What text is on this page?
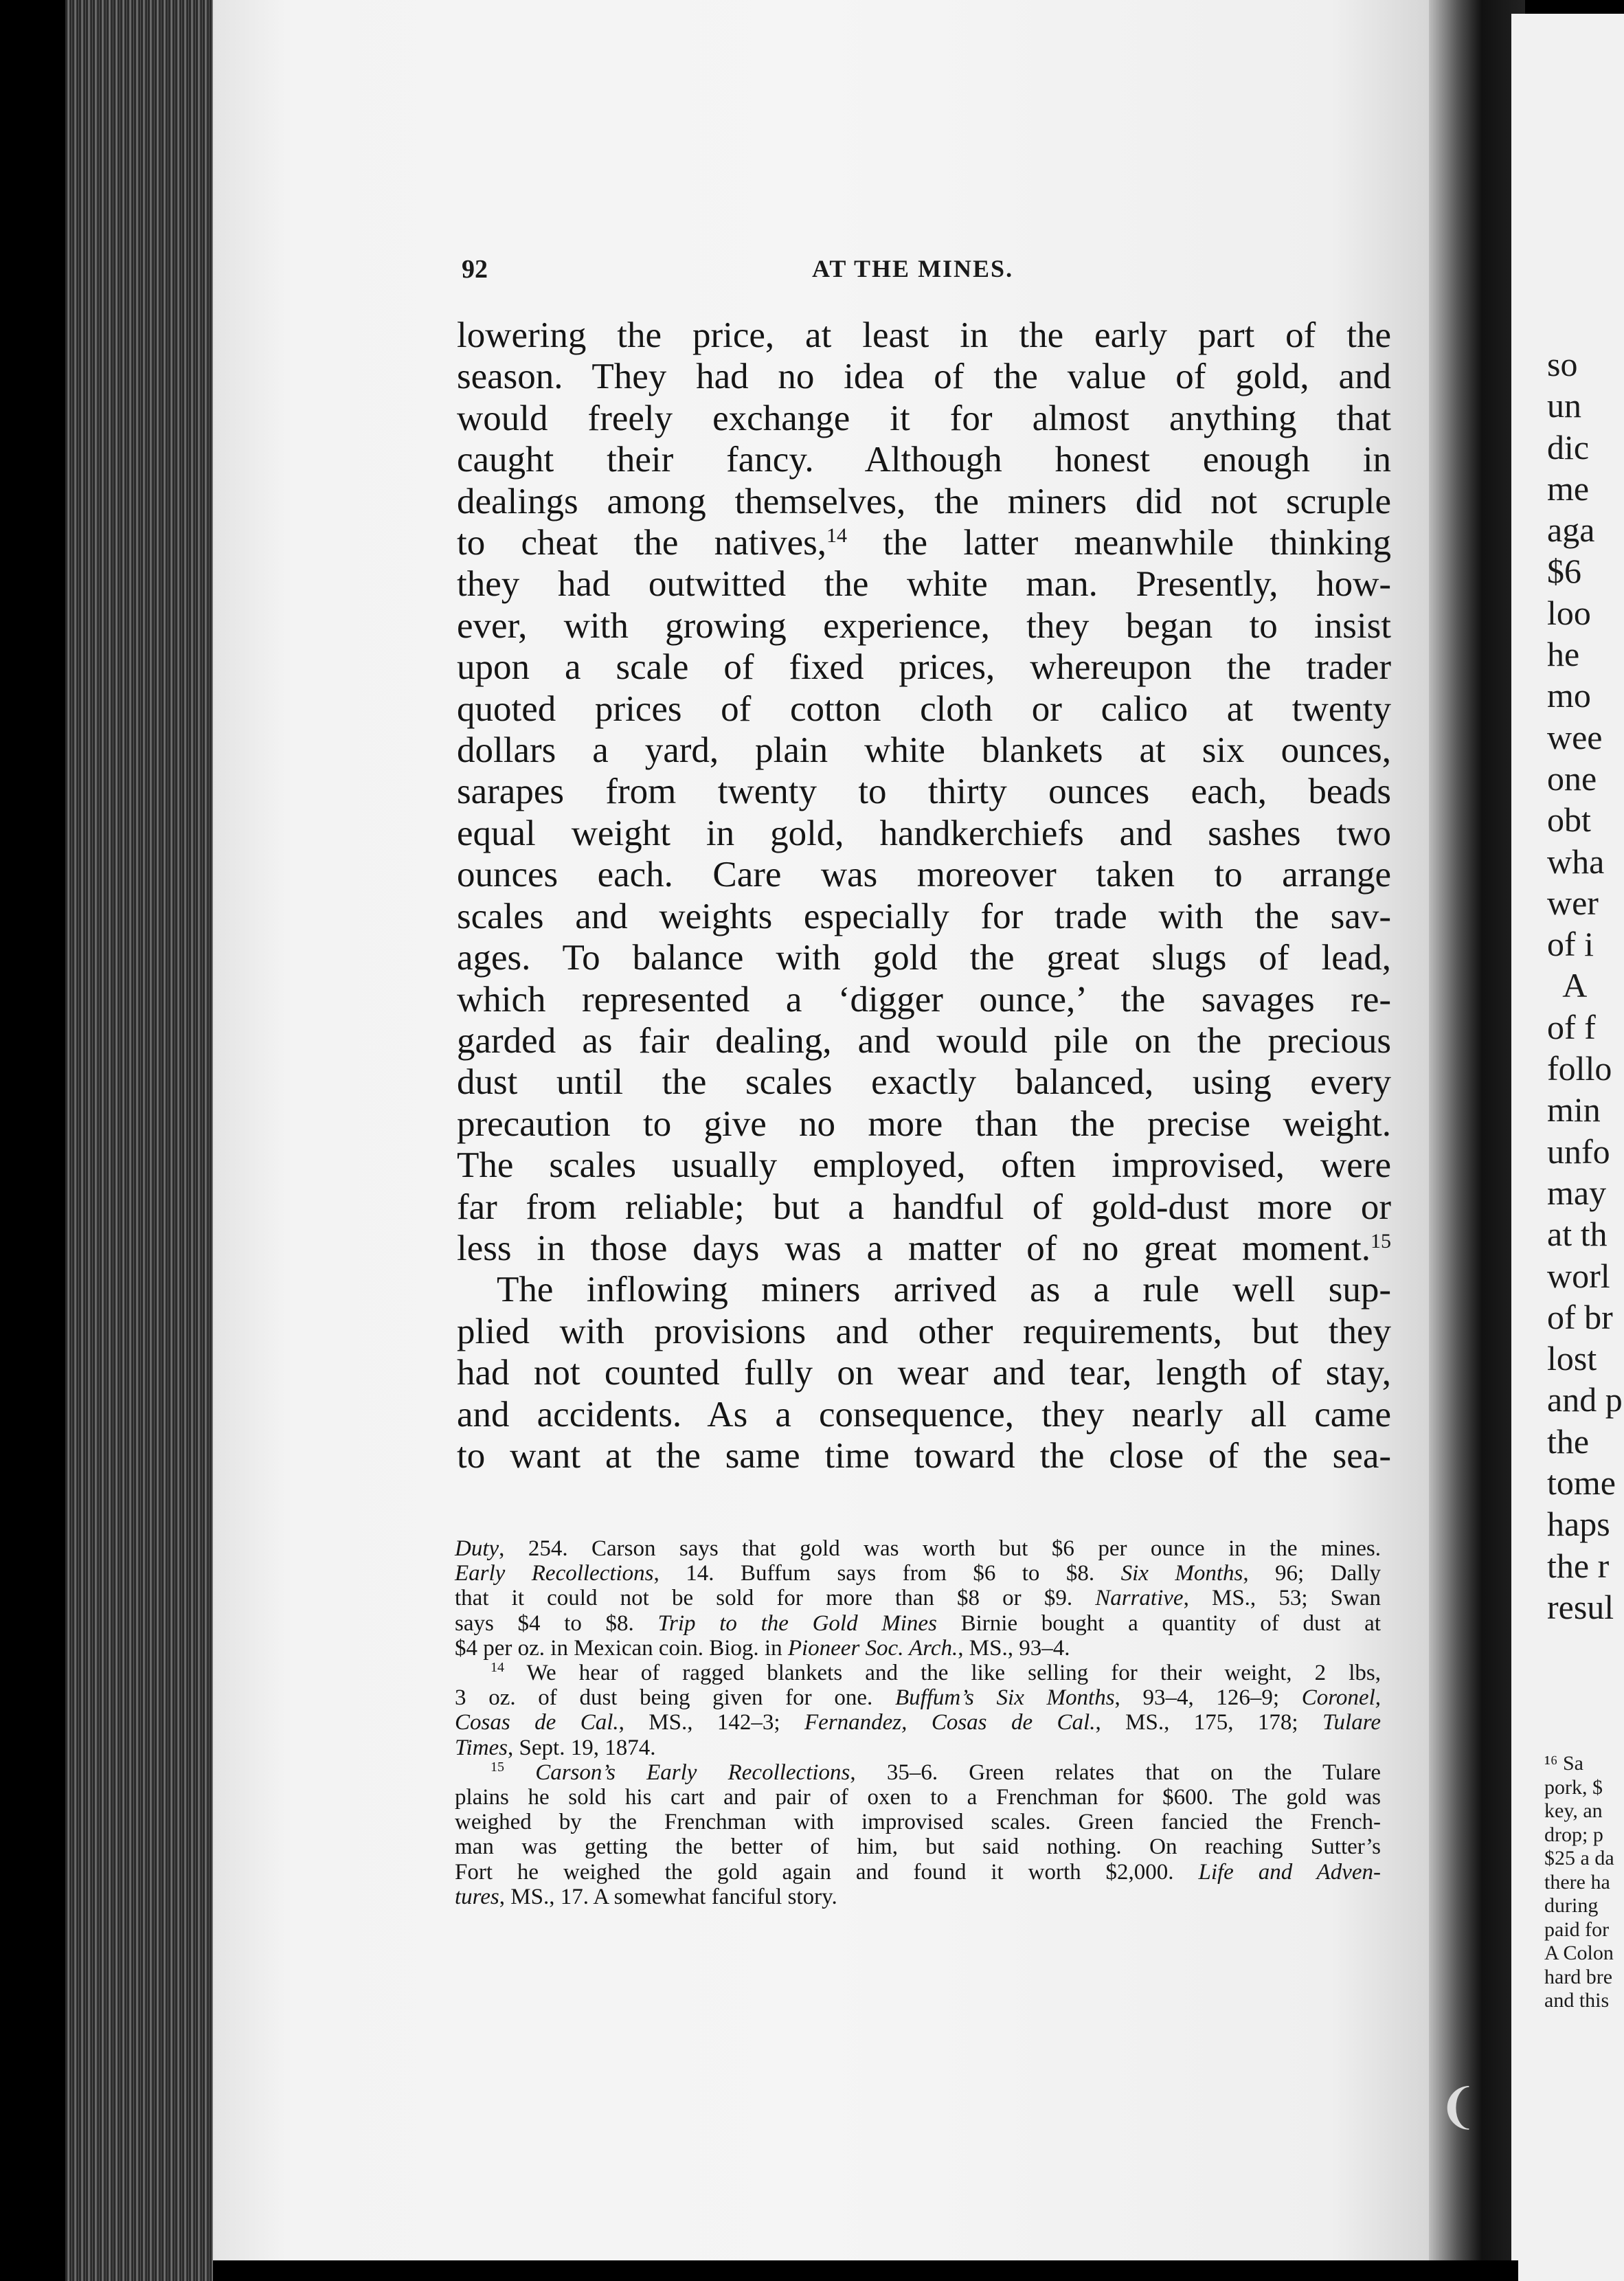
so
un
dic
me
aga
$6
loo
he
mo
wee
one
obt
wha
wer
of i
A
of f
follo
min
unfo
may
at th
worl
of br
lost
and p
the
tome
haps
the r
resul
¹⁶ Sa
pork, $
key, an
drop; p
$25 a da
there ha
during
paid for
A Colon
hard bre
and this
❨
92	AT THE MINES.
lowering the price, at least in the early part of the
season. They had no idea of the value of gold, and
would freely exchange it for almost anything that
caught their fancy. Although honest enough in
dealings among themselves, the miners did not scruple
to cheat the natives,$^{14}$ the latter meanwhile thinking
they had outwitted the white man. Presently, how-
ever, with growing experience, they began to insist
upon a scale of fixed prices, whereupon the trader
quoted prices of cotton cloth or calico at twenty
dollars a yard, plain white blankets at six ounces,
sarapes from twenty to thirty ounces each, beads
equal weight in gold, handkerchiefs and sashes two
ounces each. Care was moreover taken to arrange
scales and weights especially for trade with the sav-
ages. To balance with gold the great slugs of lead,
which represented a ‘digger ounce,’ the savages re-
garded as fair dealing, and would pile on the precious
dust until the scales exactly balanced, using every
precaution to give no more than the precise weight.
The scales usually employed, often improvised, were
far from reliable; but a handful of gold-dust more or
less in those days was a matter of no great moment.$^{15}$
The inflowing miners arrived as a rule well sup-
plied with provisions and other requirements, but they
had not counted fully on wear and tear, length of stay,
and accidents. As a consequence, they nearly all came
to want at the same time toward the close of the sea-
Duty, 254. Carson says that gold was worth but $6 per ounce in the mines.
Early Recollections, 14. Buffum says from $6 to $8. Six Months, 96; Dally
that it could not be sold for more than $8 or $9. Narrative, MS., 53; Swan
says $4 to $8. Trip to the Gold Mines Birnie bought a quantity of dust at
$4 per oz. in Mexican coin. Biog. in Pioneer Soc. Arch., MS., 93–4.
$^{14}$ We hear of ragged blankets and the like selling for their weight, 2 lbs,
3 oz. of dust being given for one. Buffum’s Six Months, 93–4, 126–9; Coronel,
Cosas de Cal., MS., 142–3; Fernandez, Cosas de Cal., MS., 175, 178; Tulare
Times, Sept. 19, 1874.
$^{15}$ Carson’s Early Recollections, 35–6. Green relates that on the Tulare
plains he sold his cart and pair of oxen to a Frenchman for $600. The gold was
weighed by the Frenchman with improvised scales. Green fancied the French-
man was getting the better of him, but said nothing. On reaching Sutter’s
Fort he weighed the gold again and found it worth $2,000. Life and Adven-
tures, MS., 17. A somewhat fanciful story.
